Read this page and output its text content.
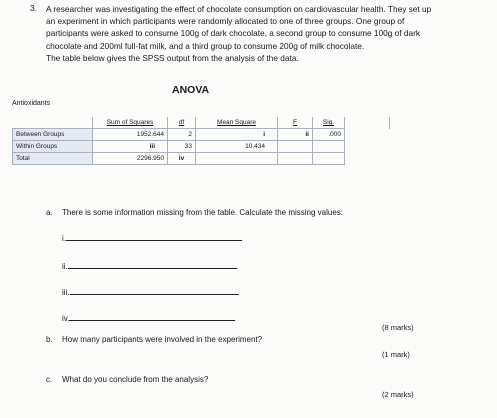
3. A researcher was investigating the effect of chocolate consumption on cardiovascular health. They set up
an experiment in which participants were randomly allocated to one of three groups. One group of
participants were asked to consume 100g of dark chocolate, a second group to consume 100g of dark
chocolate and 200ml full-fat milk, and a third group to consume 200g of milk chocolate.
The table below gives the SPSS output from the analysis of the data.
ANOVA
Antioxidants
	Sum of Squares	df	Mean Square	F	Sig.	
Between Groups	1952.644	2	i	ii	.000	
Within Groups	iii	33	10.434			
Total	2296.950	iv				
a. There is some information missing from the table. Calculate the missing values:
i.
ii.
iii.
iv.
(8 marks)
b. How many participants were involved in the experiment?
(1 mark)
c. What do you conclude from the analysis?
(2 marks)
